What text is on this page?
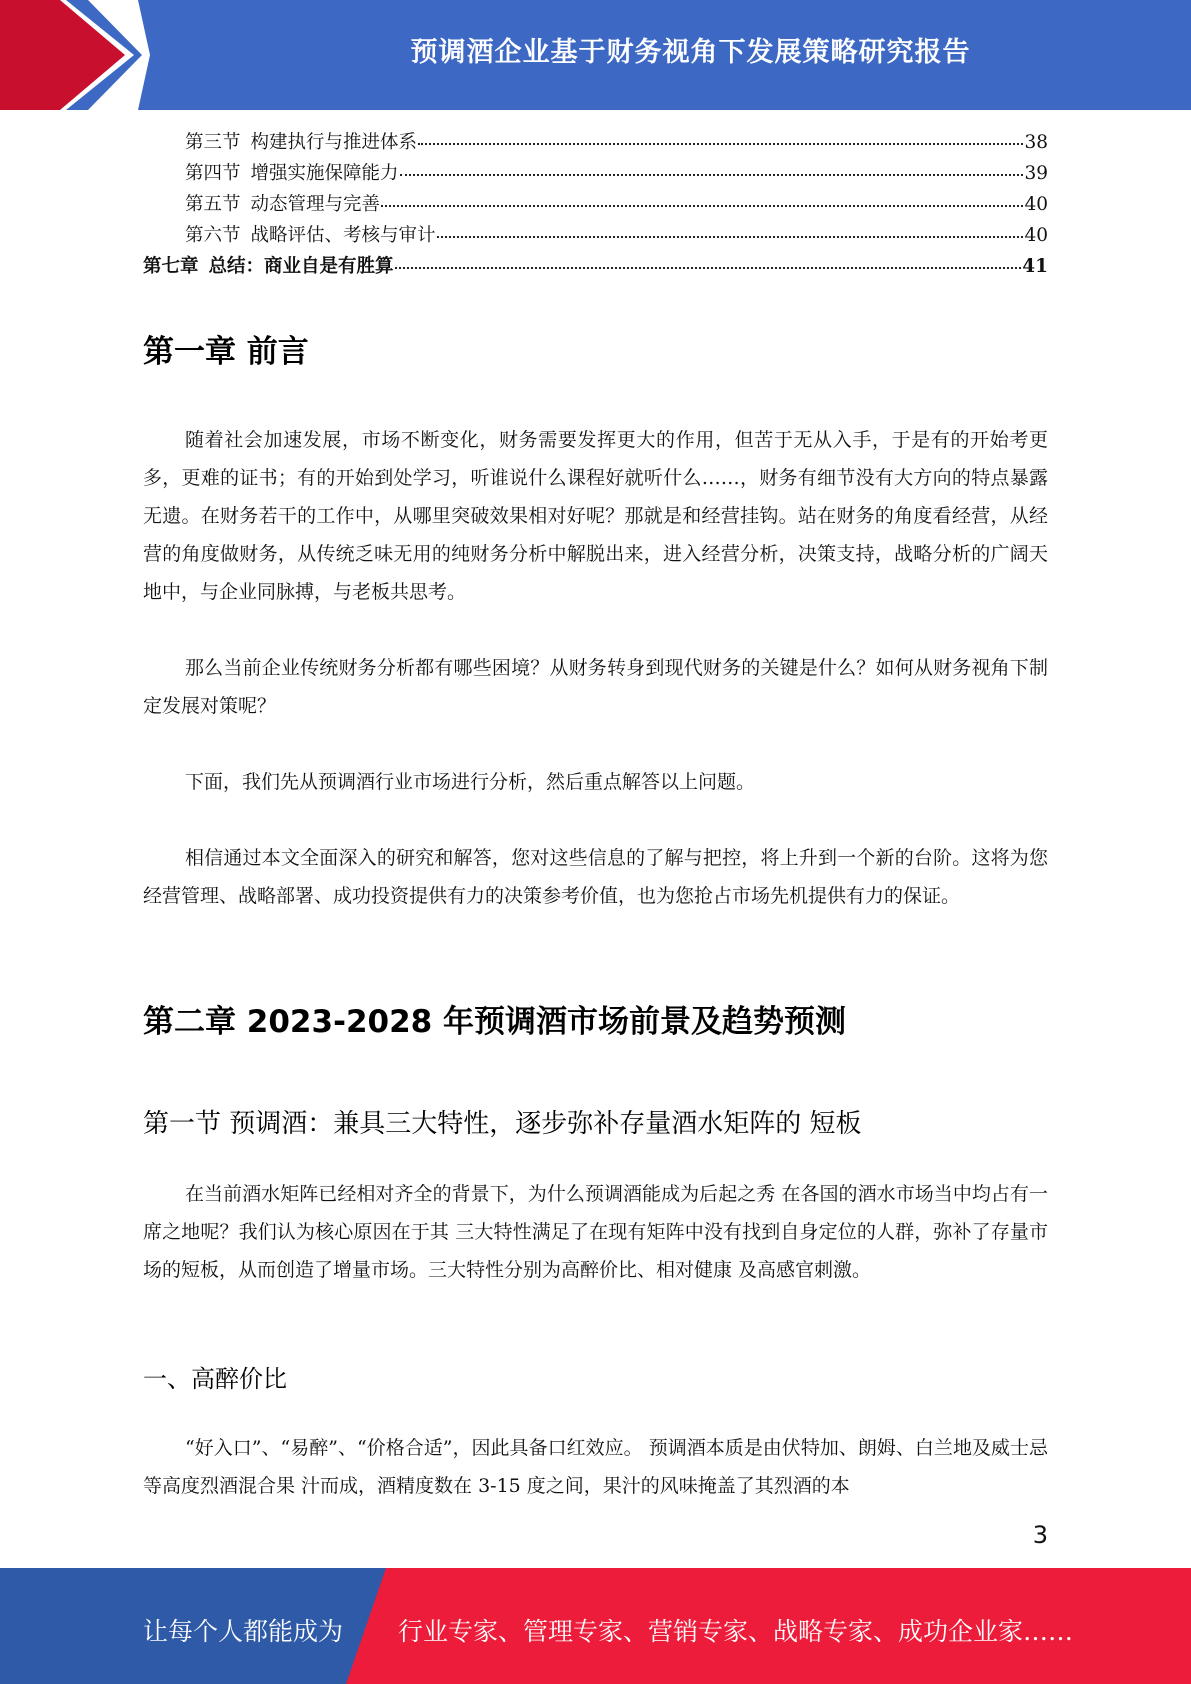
预调酒企业基于财务视角下发展策略研究报告
第三节 构建执行与推进体系	38
第四节 增强实施保障能力	39
第五节 动态管理与完善	40
第六节 战略评估、考核与审计	40
第七章 总结：商业自是有胜算	41
第一章 前言

随着社会加速发展，市场不断变化，财务需要发挥更大的作用，但苦于无从入手，于是有的开始考更多，更难的证书；有的开始到处学习，听谁说什么课程好就听什么……，财务有细节没有大方向的特点暴露无遗。在财务若干的工作中，从哪里突破效果相对好呢？那就是和经营挂钩。站在财务的角度看经营，从经营的角度做财务，从传统乏味无用的纯财务分析中解脱出来，进入经营分析，决策支持，战略分析的广阔天地中，与企业同脉搏，与老板共思考。

那么当前企业传统财务分析都有哪些困境？从财务转身到现代财务的关键是什么？如何从财务视角下制定发展对策呢？

下面，我们先从预调酒行业市场进行分析，然后重点解答以上问题。

相信通过本文全面深入的研究和解答，您对这些信息的了解与把控，将上升到一个新的台阶。这将为您经营管理、战略部署、成功投资提供有力的决策参考价值，也为您抢占市场先机提供有力的保证。

第二章 2023-2028 年预调酒市场前景及趋势预测
第一节 预调酒：兼具三大特性，逐步弥补存量酒水矩阵的 短板

在当前酒水矩阵已经相对齐全的背景下，为什么预调酒能成为后起之秀 在各国的酒水市场当中均占有一席之地呢？我们认为核心原因在于其 三大特性满足了在现有矩阵中没有找到自身定位的人群，弥补了存量市 场的短板，从而创造了增量市场。三大特性分别为高醉价比、相对健康 及高感官刺激。

一、高醉价比

“好入口”、“易醉”、“价格合适”，因此具备口红效应。 预调酒本质是由伏特加、朗姆、白兰地及威士忌等高度烈酒混合果 汁而成，酒精度数在 3-15 度之间，果汁的风味掩盖了其烈酒的本

3
让每个人都能成为 行业专家、管理专家、营销专家、战略专家、成功企业家……
